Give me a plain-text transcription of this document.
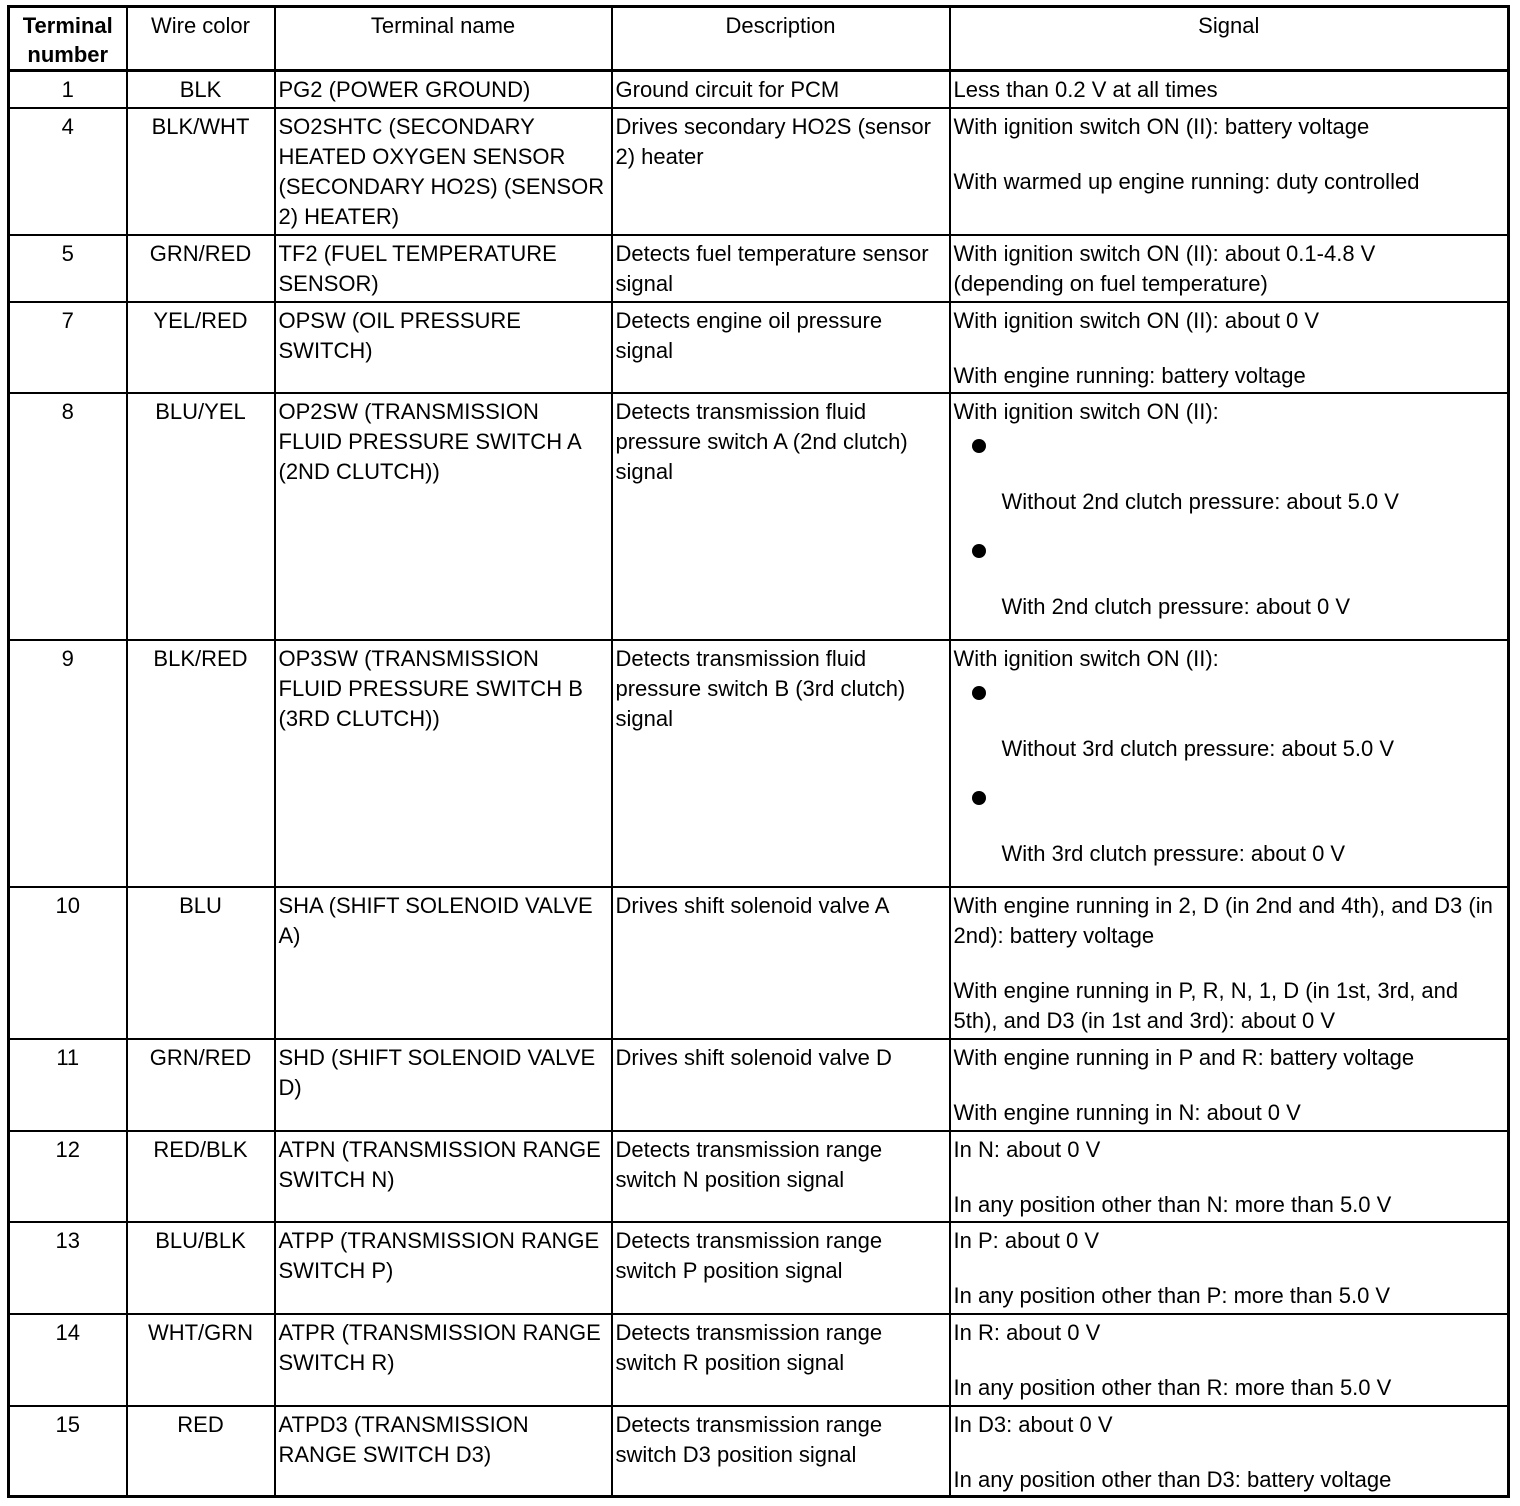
Terminal
number	Wire color	Terminal name	Description	Signal
1	BLK	PG2 (POWER GROUND)	Ground circuit for PCM	Less than 0.2 V at all times

4	BLK/WHT	SO2SHTC (SECONDARY HEATED OXYGEN SENSOR (SECONDARY HO2S) (SENSOR 2) HEATER)	Drives secondary HO2S (sensor 2) heater	With ignition switch ON (II): battery voltage
With warmed up engine running: duty controlled

5	GRN/RED	TF2 (FUEL TEMPERATURE SENSOR)	Detects fuel temperature sensor signal	With ignition switch ON (II): about 0.1-4.8 V
(depending on fuel temperature)

7	YEL/RED	OPSW (OIL PRESSURE SWITCH)	Detects engine oil pressure signal	With ignition switch ON (II): about 0 V
With engine running: battery voltage

8	BLU/YEL	OP2SW (TRANSMISSION FLUID PRESSURE SWITCH A (2ND CLUTCH))	Detects transmission fluid pressure switch A (2nd clutch) signal	With ignition switch ON (II):
Without 2nd clutch pressure: about 5.0 V
With 2nd clutch pressure: about 0 V

9	BLK/RED	OP3SW (TRANSMISSION FLUID PRESSURE SWITCH B (3RD CLUTCH))	Detects transmission fluid pressure switch B (3rd clutch) signal	With ignition switch ON (II):
Without 3rd clutch pressure: about 5.0 V
With 3rd clutch pressure: about 0 V

10	BLU	SHA (SHIFT SOLENOID VALVE A)	Drives shift solenoid valve A	With engine running in 2, D (in 2nd and 4th), and D3 (in 2nd): battery voltage
With engine running in P, R, N, 1, D (in 1st, 3rd, and 5th), and D3 (in 1st and 3rd): about 0 V

11	GRN/RED	SHD (SHIFT SOLENOID VALVE D)	Drives shift solenoid valve D	With engine running in P and R: battery voltage
With engine running in N: about 0 V

12	RED/BLK	ATPN (TRANSMISSION RANGE SWITCH N)	Detects transmission range switch N position signal	In N: about 0 V
In any position other than N: more than 5.0 V

13	BLU/BLK	ATPP (TRANSMISSION RANGE SWITCH P)	Detects transmission range switch P position signal	In P: about 0 V
In any position other than P: more than 5.0 V

14	WHT/GRN	ATPR (TRANSMISSION RANGE SWITCH R)	Detects transmission range switch R position signal	In R: about 0 V
In any position other than R: more than 5.0 V

15	RED	ATPD3 (TRANSMISSION RANGE SWITCH D3)	Detects transmission range switch D3 position signal	In D3: about 0 V
In any position other than D3: battery voltage
